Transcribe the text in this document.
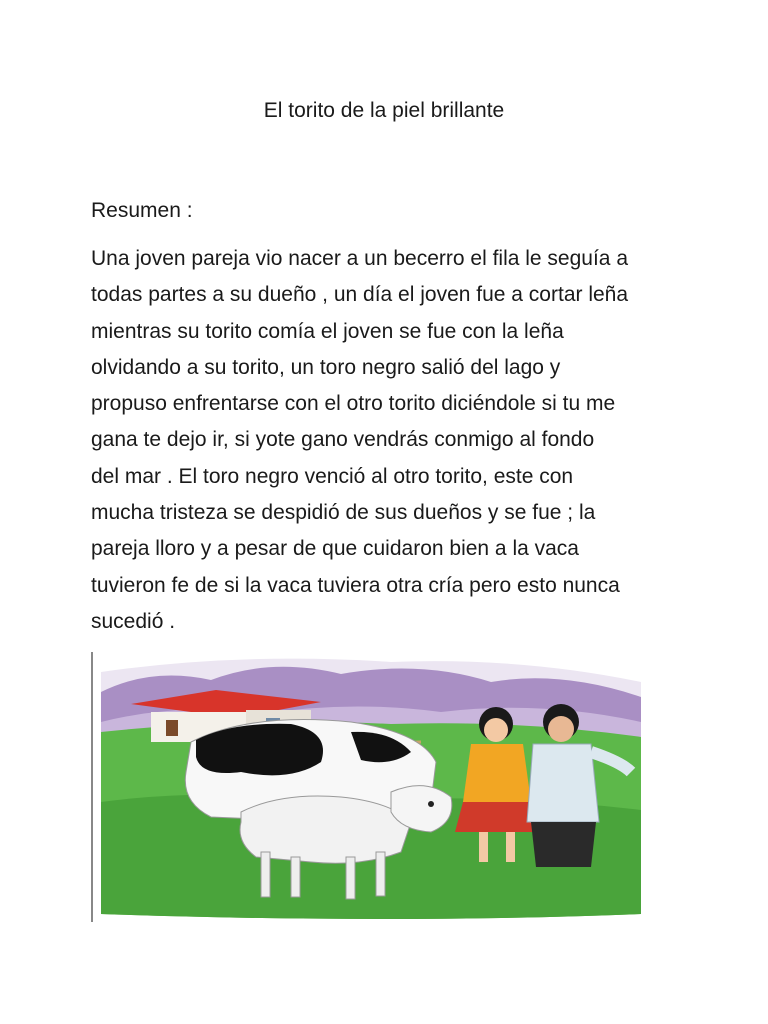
El torito de la piel brillante
Resumen :
Una joven pareja vio nacer a un becerro el fila le seguía a
todas partes a su dueño , un día el joven fue a cortar leña
mientras su torito comía el joven se fue con la leña
olvidando a su torito, un toro negro salió del lago y
propuso enfrentarse con el otro torito diciéndole si tu me
gana te dejo ir, si yote gano vendrás conmigo al fondo
del mar . El toro negro venció al otro torito, este con
mucha tristeza se despidió de sus dueños y se fue ; la
pareja lloro y a pesar de que cuidaron bien a la vaca
tuvieron fe de si la vaca tuviera otra cría pero esto nunca
sucedió .
